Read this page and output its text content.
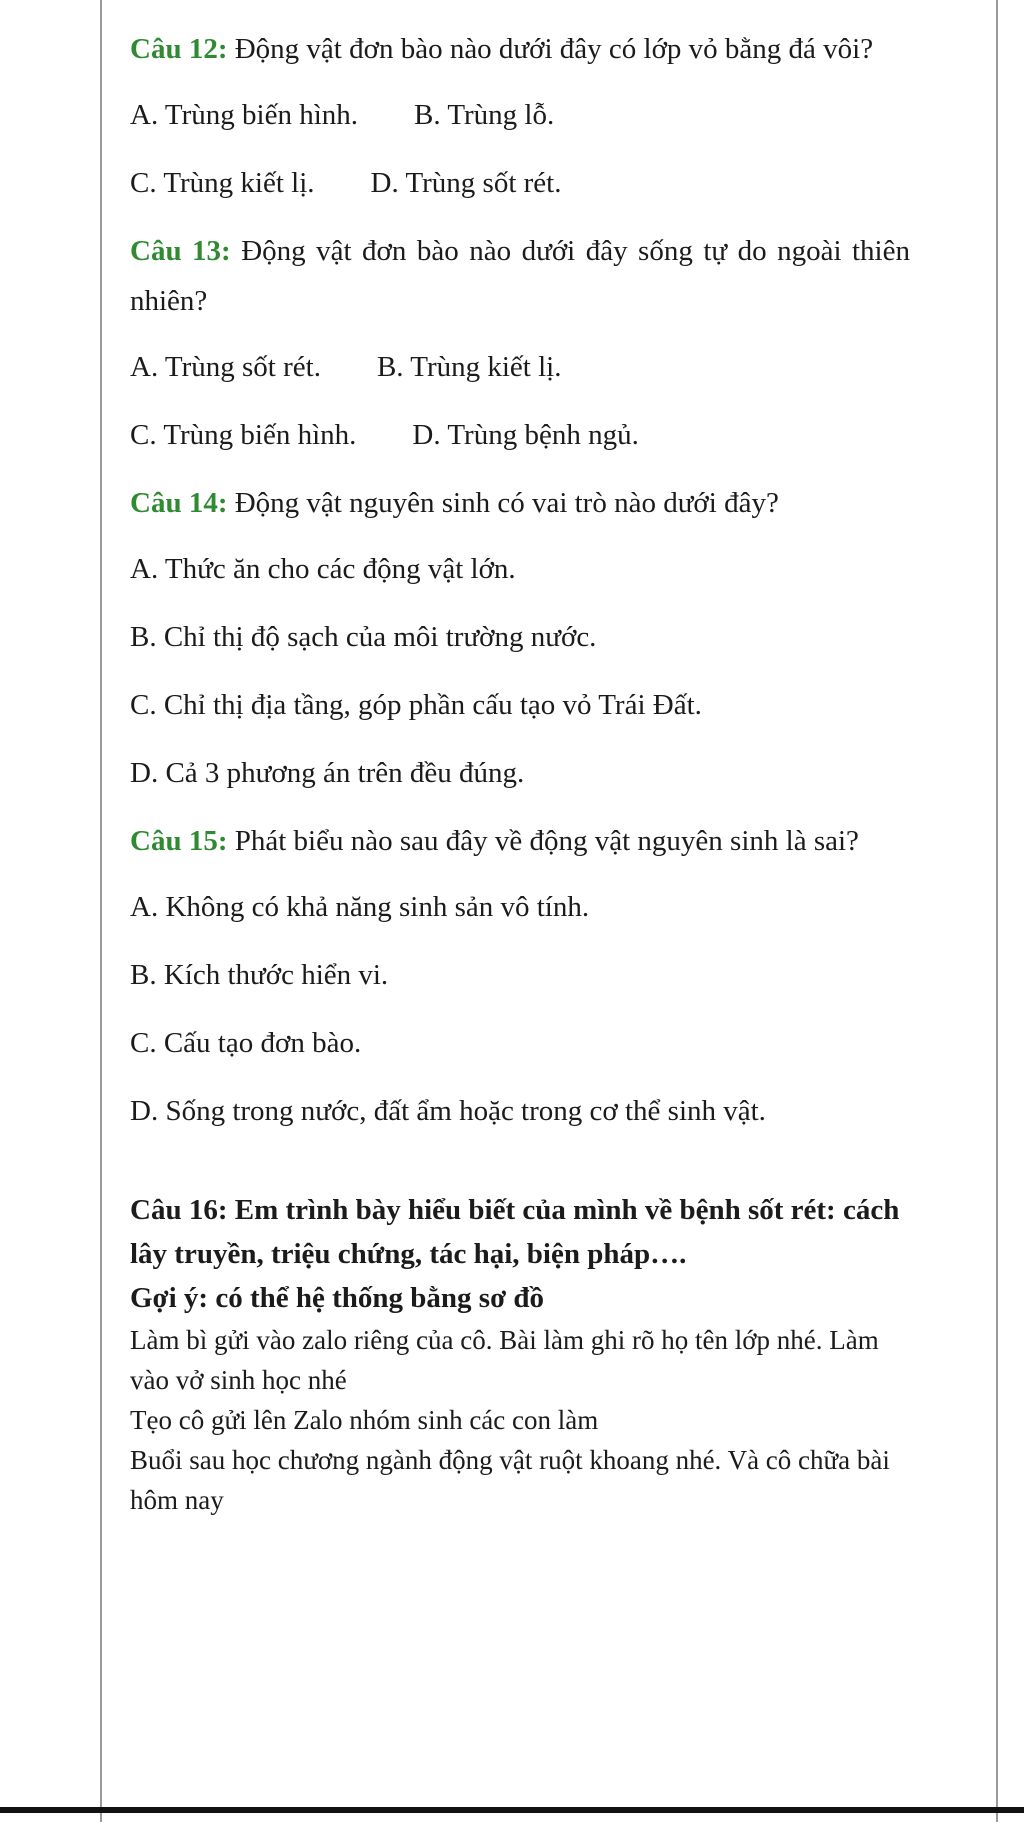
Câu 12: Động vật đơn bào nào dưới đây có lớp vỏ bằng đá vôi?

A. Trùng biến hình. B. Trùng lỗ.
C. Trùng kiết lị. D. Trùng sốt rét.

Câu 13: Động vật đơn bào nào dưới đây sống tự do ngoài thiên nhiên?

A. Trùng sốt rét. B. Trùng kiết lị.
C. Trùng biến hình. D. Trùng bệnh ngủ.

Câu 14: Động vật nguyên sinh có vai trò nào dưới đây?

A. Thức ăn cho các động vật lớn.
B. Chỉ thị độ sạch của môi trường nước.
C. Chỉ thị địa tầng, góp phần cấu tạo vỏ Trái Đất.
D. Cả 3 phương án trên đều đúng.

Câu 15: Phát biểu nào sau đây về động vật nguyên sinh là sai?

A. Không có khả năng sinh sản vô tính.
B. Kích thước hiển vi.
C. Cấu tạo đơn bào.
D. Sống trong nước, đất ẩm hoặc trong cơ thể sinh vật.

Câu 16: Em trình bày hiểu biết của mình về bệnh sốt rét: cách lây truyền, triệu chứng, tác hại, biện pháp….

Gợi ý: có thể hệ thống bằng sơ đồ

Làm bì gửi vào zalo riêng của cô. Bài làm ghi rõ họ tên lớp nhé. Làm vào vở sinh học nhé

Tẹo cô gửi lên Zalo nhóm sinh các con làm

Buổi sau học chương ngành động vật ruột khoang nhé. Và cô chữa bài hôm nay
